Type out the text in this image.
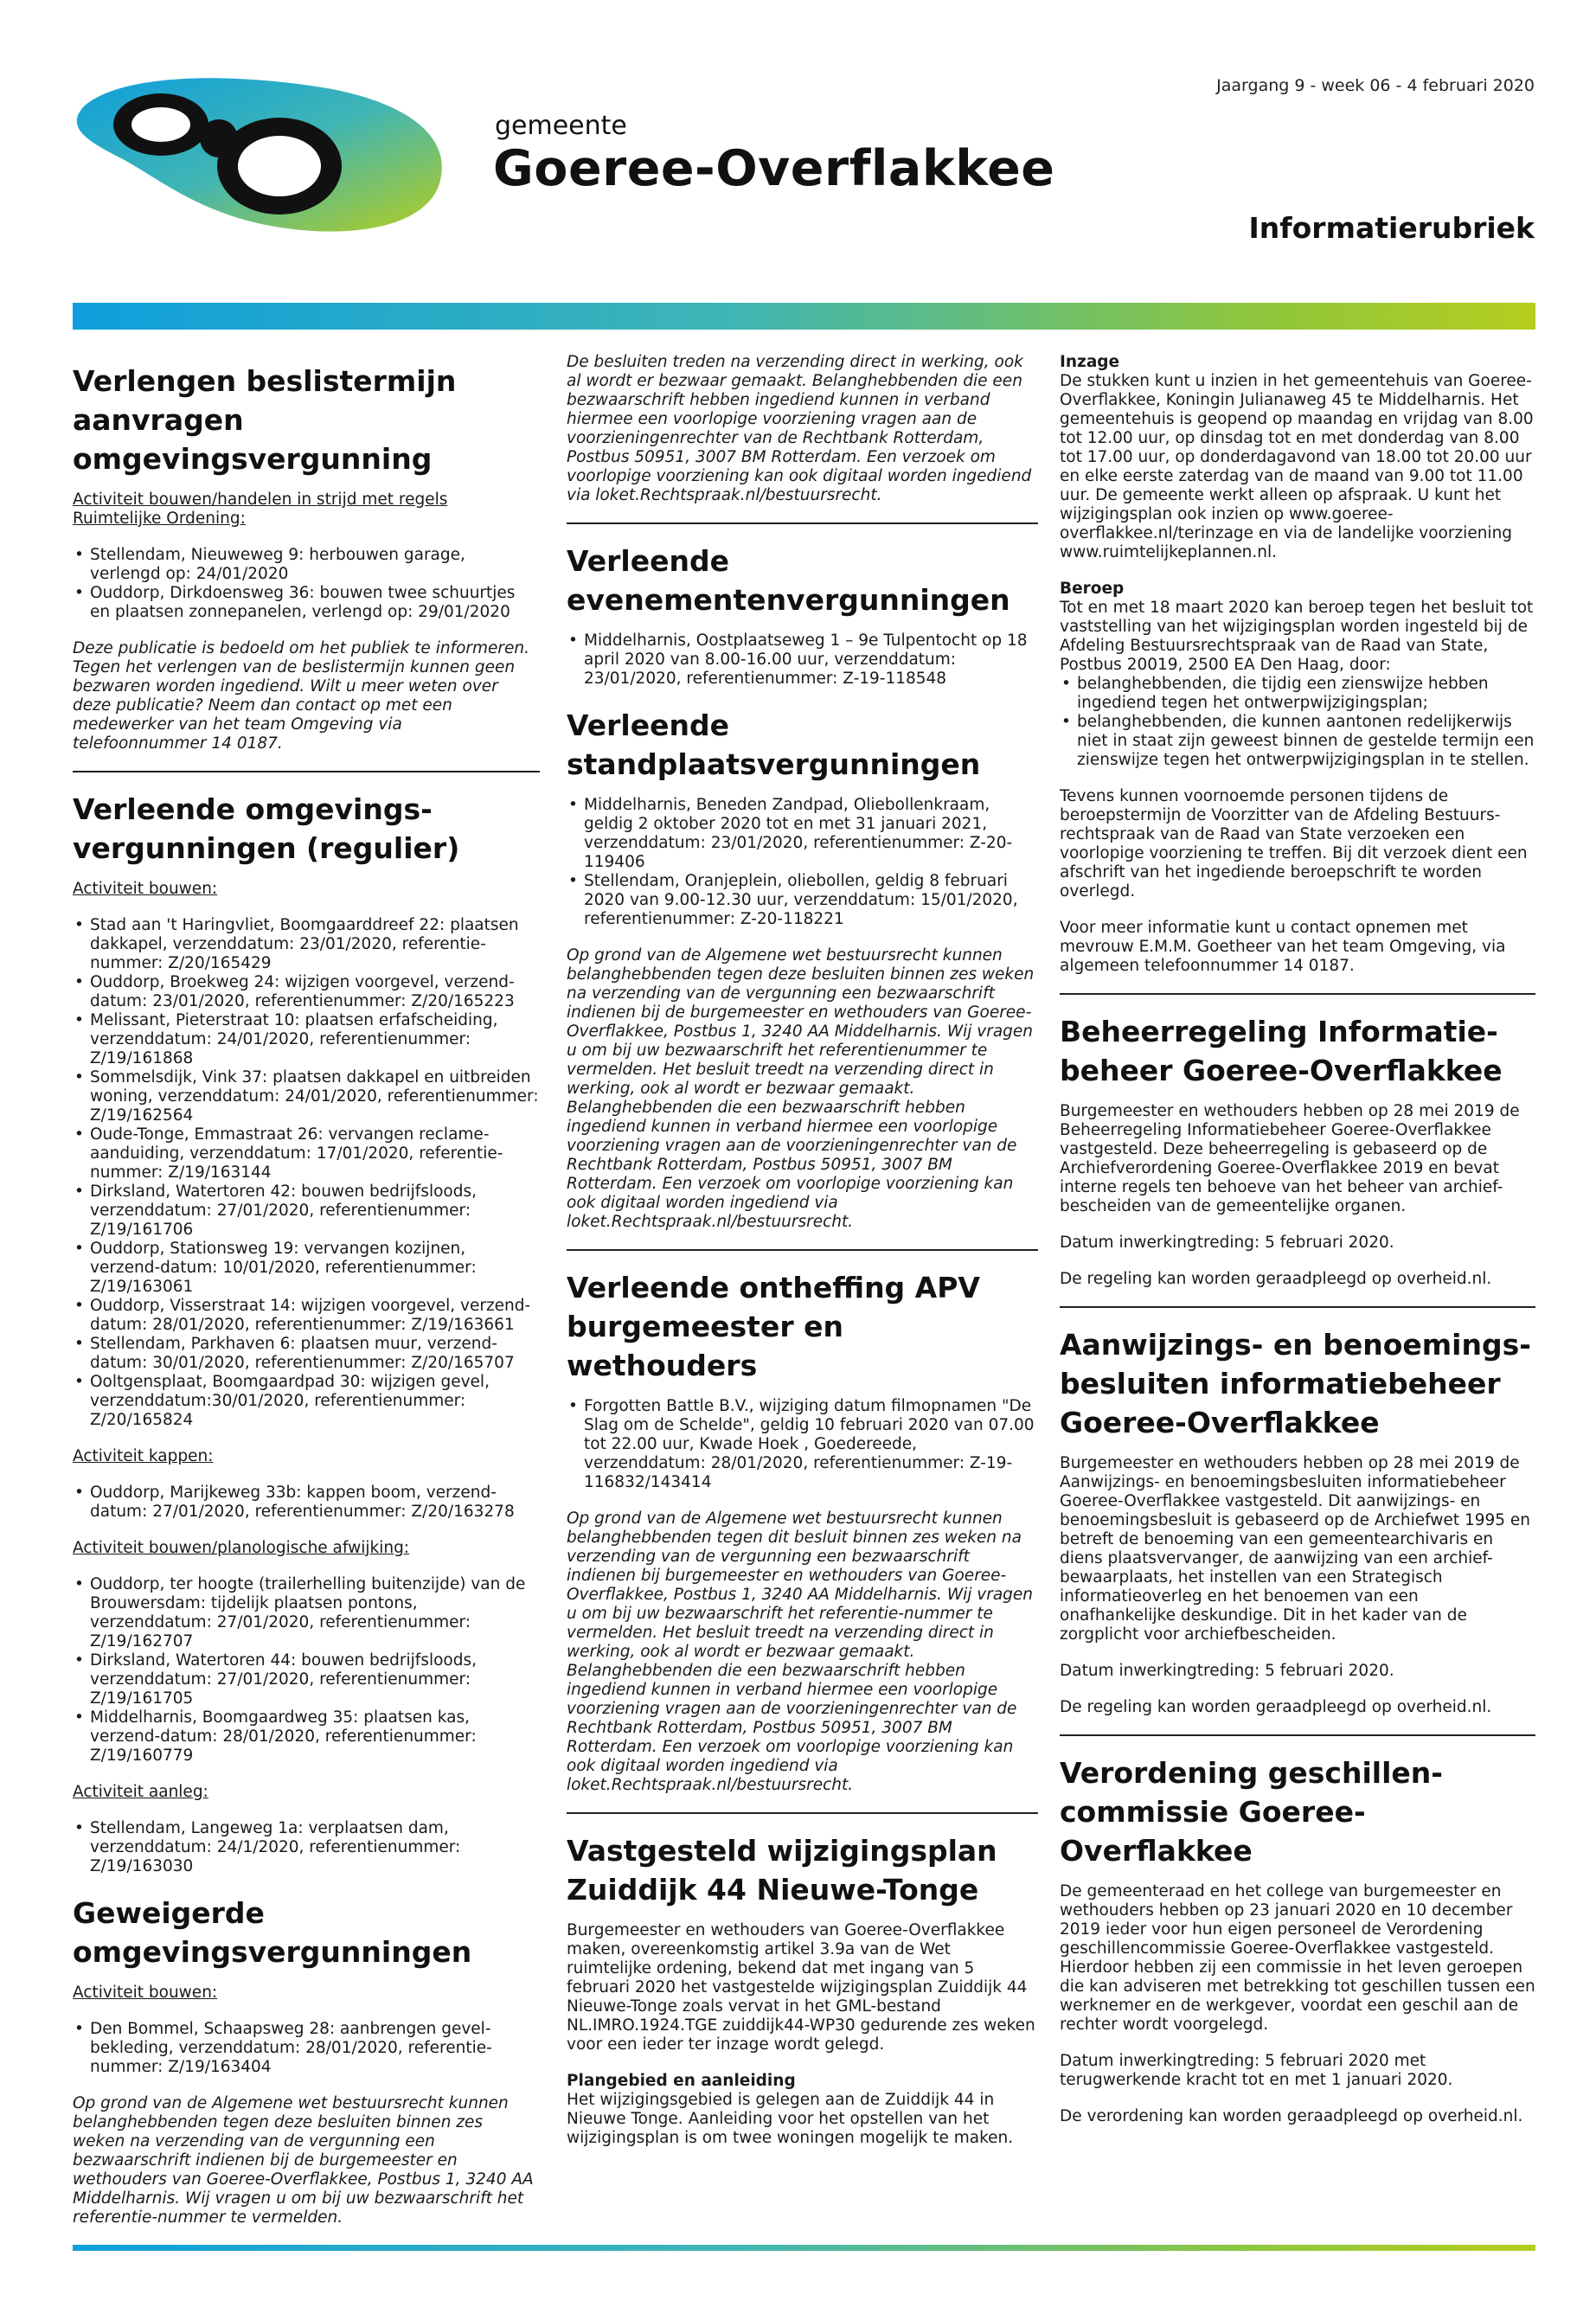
Jaargang 9 - week 06 - 4 februari 2020
gemeente
Goeree-Overflakkee
Informatierubriek
Verlengen beslistermijn aanvragen omgevingsvergunning
Activiteit bouwen/handelen in strijd met regels Ruimtelijke Ordening:
• Stellendam, Nieuweweg 9: herbouwen garage, verlengd op: 24/01/2020
• Ouddorp, Dirkdoensweg 36: bouwen twee schuurtjes en plaatsen zonnepanelen, verlengd op: 29/01/2020

Deze publicatie is bedoeld om het publiek te informeren. Tegen het verlengen van de beslistermijn kunnen geen bezwaren worden ingediend. Wilt u meer weten over deze publicatie? Neem dan contact op met een medewerker van het team Omgeving via telefoonnummer 14 0187.

Verleende omgevings-vergunningen (regulier)
Activiteit bouwen:
• Stad aan 't Haringvliet, Boomgaarddreef 22: plaatsen dakkapel, verzenddatum: 23/01/2020, referentie-nummer: Z/20/165429
• Ouddorp, Broekweg 24: wijzigen voorgevel, verzend-datum: 23/01/2020, referentienummer: Z/20/165223
• Melissant, Pieterstraat 10: plaatsen erfafscheiding, verzenddatum: 24/01/2020, referentienummer: Z/19/161868
• Sommelsdijk, Vink 37: plaatsen dakkapel en uitbreiden woning, verzenddatum: 24/01/2020, referentienummer: Z/19/162564
• Oude-Tonge, Emmastraat 26: vervangen reclame-aanduiding, verzenddatum: 17/01/2020, referentie-nummer: Z/19/163144
• Dirksland, Watertoren 42: bouwen bedrijfsloods, verzenddatum: 27/01/2020, referentienummer: Z/19/161706
• Ouddorp, Stationsweg 19: vervangen kozijnen, verzend-datum: 10/01/2020, referentienummer: Z/19/163061
• Ouddorp, Visserstraat 14: wijzigen voorgevel, verzend-datum: 28/01/2020, referentienummer: Z/19/163661
• Stellendam, Parkhaven 6: plaatsen muur, verzend-datum: 30/01/2020, referentienummer: Z/20/165707
• Ooltgensplaat, Boomgaardpad 30: wijzigen gevel, verzenddatum:30/01/2020, referentienummer: Z/20/165824
Activiteit kappen:
• Ouddorp, Marijkeweg 33b: kappen boom, verzend-datum: 27/01/2020, referentienummer: Z/20/163278
Activiteit bouwen/planologische afwijking:
• Ouddorp, ter hoogte (trailerhelling buitenzijde) van de Brouwersdam: tijdelijk plaatsen pontons, verzenddatum: 27/01/2020, referentienummer: Z/19/162707
• Dirksland, Watertoren 44: bouwen bedrijfsloods, verzenddatum: 27/01/2020, referentienummer: Z/19/161705
• Middelharnis, Boomgaardweg 35: plaatsen kas, verzend-datum: 28/01/2020, referentienummer: Z/19/160779
Activiteit aanleg:
• Stellendam, Langeweg 1a: verplaatsen dam, verzenddatum: 24/1/2020, referentienummer: Z/19/163030
Geweigerde omgevingsvergunningen
Activiteit bouwen:
• Den Bommel, Schaapsweg 28: aanbrengen gevel-bekleding, verzenddatum: 28/01/2020, referentie-nummer: Z/19/163404

Op grond van de Algemene wet bestuursrecht kunnen belanghebbenden tegen deze besluiten binnen zes weken na verzending van de vergunning een bezwaarschrift indienen bij de burgemeester en wethouders van Goeree-Overflakkee, Postbus 1, 3240 AA Middelharnis. Wij vragen u om bij uw bezwaarschrift het referentie-nummer te vermelden.

De besluiten treden na verzending direct in werking, ook al wordt er bezwaar gemaakt. Belanghebbenden die een bezwaarschrift hebben ingediend kunnen in verband hiermee een voorlopige voorziening vragen aan de voorzieningenrechter van de Rechtbank Rotterdam, Postbus 50951, 3007 BM Rotterdam. Een verzoek om voorlopige voorziening kan ook digitaal worden ingediend via loket.Rechtspraak.nl/bestuursrecht.

Verleende evenementenvergunningen
• Middelharnis, Oostplaatseweg 1 – 9e Tulpentocht op 18 april 2020 van 8.00-16.00 uur, verzenddatum: 23/01/2020, referentienummer: Z-19-118548
Verleende standplaatsvergunningen
• Middelharnis, Beneden Zandpad, Oliebollenkraam, geldig 2 oktober 2020 tot en met 31 januari 2021, verzenddatum: 23/01/2020, referentienummer: Z-20-119406
• Stellendam, Oranjeplein, oliebollen, geldig 8 februari 2020 van 9.00-12.30 uur, verzenddatum: 15/01/2020, referentienummer: Z-20-118221

Op grond van de Algemene wet bestuursrecht kunnen belanghebbenden tegen deze besluiten binnen zes weken na verzending van de vergunning een bezwaarschrift indienen bij de burgemeester en wethouders van Goeree-Overflakkee, Postbus 1, 3240 AA Middelharnis. Wij vragen u om bij uw bezwaarschrift het referentienummer te vermelden. Het besluit treedt na verzending direct in werking, ook al wordt er bezwaar gemaakt. Belanghebbenden die een bezwaarschrift hebben ingediend kunnen in verband hiermee een voorlopige voorziening vragen aan de voorzieningenrechter van de Rechtbank Rotterdam, Postbus 50951, 3007 BM Rotterdam. Een verzoek om voorlopige voorziening kan ook digitaal worden ingediend via loket.Rechtspraak.nl/bestuursrecht.

Verleende ontheffing APV burgemeester en wethouders
• Forgotten Battle B.V., wijziging datum filmopnamen "De Slag om de Schelde", geldig 10 februari 2020 van 07.00 tot 22.00 uur, Kwade Hoek , Goedereede, verzenddatum: 28/01/2020, referentienummer: Z-19-116832/143414

Op grond van de Algemene wet bestuursrecht kunnen belanghebbenden tegen dit besluit binnen zes weken na verzending van de vergunning een bezwaarschrift indienen bij burgemeester en wethouders van Goeree-Overflakkee, Postbus 1, 3240 AA Middelharnis. Wij vragen u om bij uw bezwaarschrift het referentie-nummer te vermelden. Het besluit treedt na verzending direct in werking, ook al wordt er bezwaar gemaakt. Belanghebbenden die een bezwaarschrift hebben ingediend kunnen in verband hiermee een voorlopige voorziening vragen aan de voorzieningenrechter van de Rechtbank Rotterdam, Postbus 50951, 3007 BM Rotterdam. Een verzoek om voorlopige voorziening kan ook digitaal worden ingediend via loket.Rechtspraak.nl/bestuursrecht.

Vastgesteld wijzigingsplan Zuiddijk 44 Nieuwe-Tonge

Burgemeester en wethouders van Goeree-Overflakkee maken, overeenkomstig artikel 3.9a van de Wet ruimtelijke ordening, bekend dat met ingang van 5 februari 2020 het vastgestelde wijzigingsplan Zuiddijk 44 Nieuwe-Tonge zoals vervat in het GML-bestand NL.IMRO.1924.TGE zuiddijk44-WP30 gedurende zes weken voor een ieder ter inzage wordt gelegd.

Plangebied en aanleiding

Het wijzigingsgebied is gelegen aan de Zuiddijk 44 in Nieuwe Tonge. Aanleiding voor het opstellen van het wijzigingsplan is om twee woningen mogelijk te maken.

Inzage

De stukken kunt u inzien in het gemeentehuis van Goeree-Overflakkee, Koningin Julianaweg 45 te Middelharnis. Het gemeentehuis is geopend op maandag en vrijdag van 8.00 tot 12.00 uur, op dinsdag tot en met donderdag van 8.00 tot 17.00 uur, op donderdagavond van 18.00 tot 20.00 uur en elke eerste zaterdag van de maand van 9.00 tot 11.00 uur. De gemeente werkt alleen op afspraak. U kunt het wijzigingsplan ook inzien op www.goeree-overflakkee.nl/terinzage en via de landelijke voorziening www.ruimtelijkeplannen.nl.

Beroep

Tot en met 18 maart 2020 kan beroep tegen het besluit tot vaststelling van het wijzigingsplan worden ingesteld bij de Afdeling Bestuursrechtspraak van de Raad van State, Postbus 20019, 2500 EA Den Haag, door:

• belanghebbenden, die tijdig een zienswijze hebben ingediend tegen het ontwerpwijzigingsplan;
• belanghebbenden, die kunnen aantonen redelijkerwijs niet in staat zijn geweest binnen de gestelde termijn een zienswijze tegen het ontwerpwijzigingsplan in te stellen.

Tevens kunnen voornoemde personen tijdens de beroepstermijn de Voorzitter van de Afdeling Bestuurs-rechtspraak van de Raad van State verzoeken een voorlopige voorziening te treffen. Bij dit verzoek dient een afschrift van het ingediende beroepschrift te worden overlegd.

Voor meer informatie kunt u contact opnemen met mevrouw E.M.M. Goetheer van het team Omgeving, via algemeen telefoonnummer 14 0187.

Beheerregeling Informatie-beheer Goeree-Overflakkee

Burgemeester en wethouders hebben op 28 mei 2019 de Beheerregeling Informatiebeheer Goeree-Overflakkee vastgesteld. Deze beheerregeling is gebaseerd op de Archiefverordening Goeree-Overflakkee 2019 en bevat interne regels ten behoeve van het beheer van archief-bescheiden van de gemeentelijke organen.

Datum inwerkingtreding: 5 februari 2020.

De regeling kan worden geraadpleegd op overheid.nl.

Aanwijzings- en benoemings-besluiten informatiebeheer Goeree-Overflakkee

Burgemeester en wethouders hebben op 28 mei 2019 de Aanwijzings- en benoemingsbesluiten informatiebeheer Goeree-Overflakkee vastgesteld. Dit aanwijzings- en benoemingsbesluit is gebaseerd op de Archiefwet 1995 en betreft de benoeming van een gemeentearchivaris en diens plaatsvervanger, de aanwijzing van een archief-bewaarplaats, het instellen van een Strategisch informatieoverleg en het benoemen van een onafhankelijke deskundige. Dit in het kader van de zorgplicht voor archiefbescheiden.

Datum inwerkingtreding: 5 februari 2020.

De regeling kan worden geraadpleegd op overheid.nl.

Verordening geschillen-commissie Goeree-Overflakkee

De gemeenteraad en het college van burgemeester en wethouders hebben op 23 januari 2020 en 10 december 2019 ieder voor hun eigen personeel de Verordening geschillencommissie Goeree-Overflakkee vastgesteld. Hierdoor hebben zij een commissie in het leven geroepen die kan adviseren met betrekking tot geschillen tussen een werknemer en de werkgever, voordat een geschil aan de rechter wordt voorgelegd.

Datum inwerkingtreding: 5 februari 2020 met terugwerkende kracht tot en met 1 januari 2020.

De verordening kan worden geraadpleegd op overheid.nl.
